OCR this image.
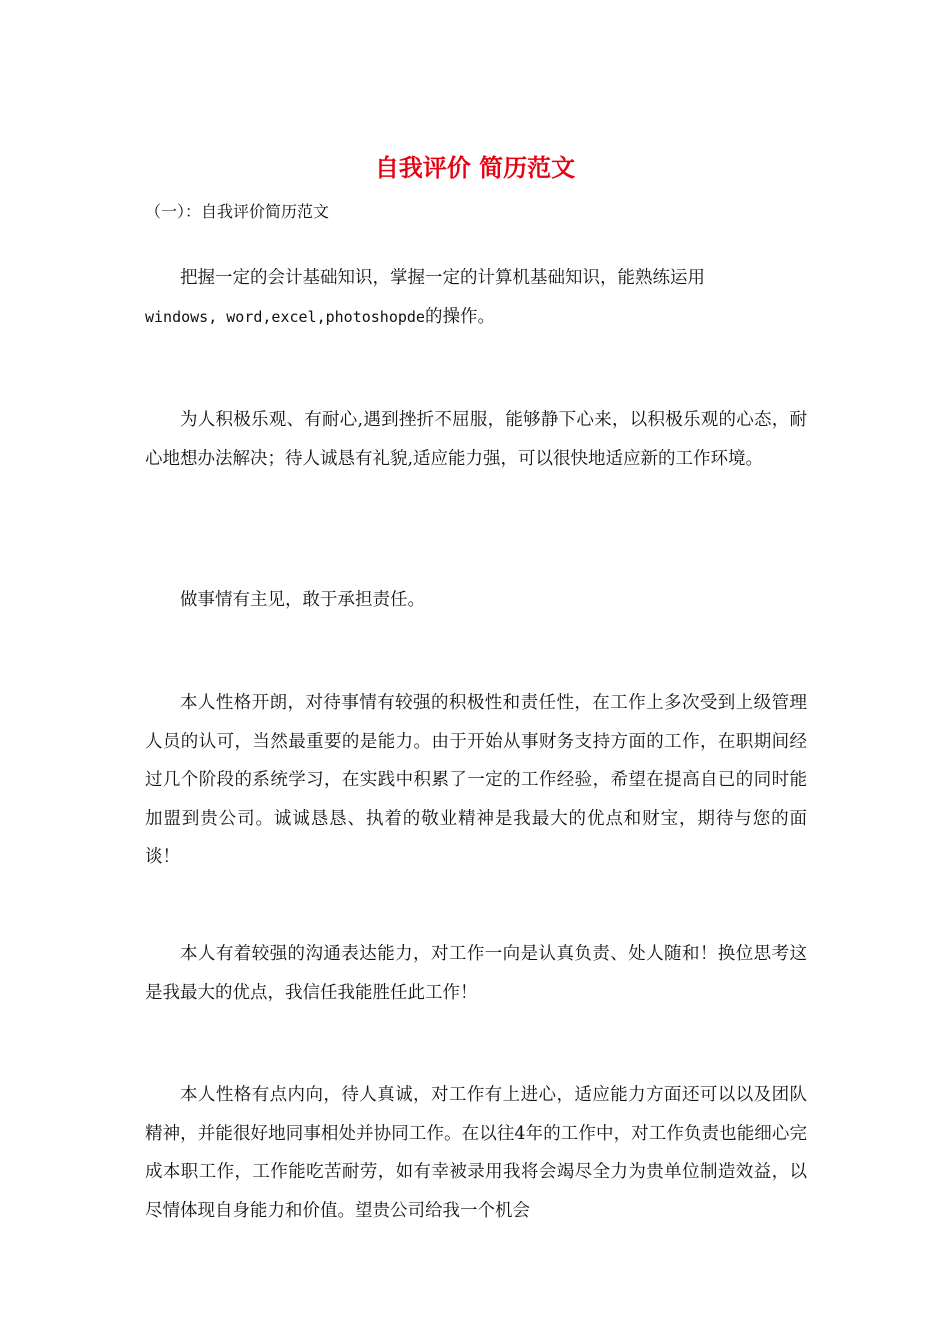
自我评价 简历范文

（一）：自我评价简历范文

把握一定的会计基础知识，掌握一定的计算机基础知识，能熟练运用
windows, word,excel,photoshopde的操作。

为人积极乐观、有耐心,遇到挫折不屈服，能够静下心来，以积极乐观的心态，耐心地想办法解决；待人诚恳有礼貌,适应能力强，可以很快地适应新的工作环境。

做事情有主见，敢于承担责任。

本人性格开朗，对待事情有较强的积极性和责任性，在工作上多次受到上级管理人员的认可，当然最重要的是能力。由于开始从事财务支持方面的工作，在职期间经过几个阶段的系统学习，在实践中积累了一定的工作经验，希望在提高自已的同时能加盟到贵公司。诚诚恳恳、执着的敬业精神是我最大的优点和财宝，期待与您的面谈！

本人有着较强的沟通表达能力，对工作一向是认真负责、处人随和！换位思考这是我最大的优点，我信任我能胜任此工作！

本人性格有点内向，待人真诚，对工作有上进心，适应能力方面还可以以及团队精神，并能很好地同事相处并协同工作。在以往4年的工作中，对工作负责也能细心完成本职工作，工作能吃苦耐劳，如有幸被录用我将会竭尽全力为贵单位制造效益，以尽情体现自身能力和价值。望贵公司给我一个机会
